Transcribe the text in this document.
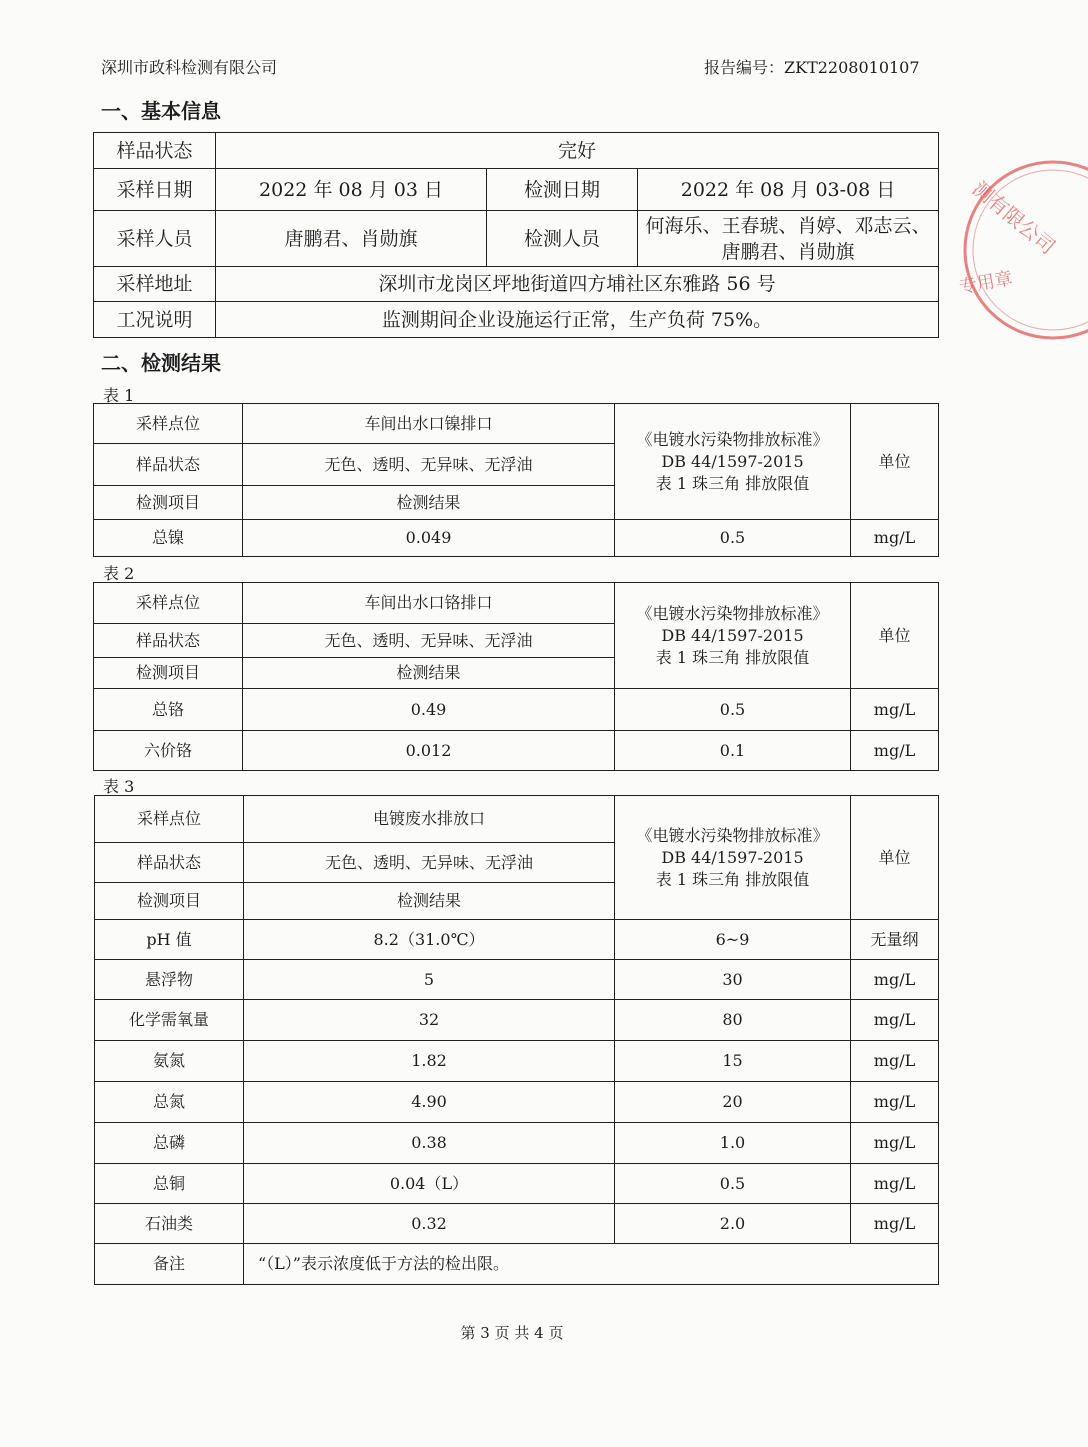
深圳市政科检测有限公司	报告编号：ZKT2208010107
一、基本信息
样品状态	完好		
采样日期	2022 年 08 月 03 日	检测日期	2022 年 08 月 03-08 日
采样人员	唐鹏君、肖勋旗	检测人员	何海乐、王春琥、肖婷、邓志云、
唐鹏君、肖勋旗

采样地址	深圳市龙岗区坪地街道四方埔社区东雅路 56 号		
工况说明	监测期间企业设施运行正常，生产负荷 75%。		
二、检测结果
表 1
采样点位	车间出水口镍排口	《电镀水污染物排放标准》
DB 44/1597-2015
表 1 珠三角 排放限值	单位
样品状态	无色、透明、无异味、无浮油		
检测项目	检测结果		
总镍	0.049	0.5	mg/L
表 2
采样点位	车间出水口铬排口	《电镀水污染物排放标准》
DB 44/1597-2015
表 1 珠三角 排放限值	单位
样品状态	无色、透明、无异味、无浮油		
检测项目	检测结果		
总铬	0.49	0.5	mg/L
六价铬	0.012	0.1	mg/L
表 3
采样点位	电镀废水排放口	《电镀水污染物排放标准》
DB 44/1597-2015
表 1 珠三角 排放限值	单位
样品状态	无色、透明、无异味、无浮油		
检测项目	检测结果		
pH 值	8.2（31.0℃）	6~9	无量纲
悬浮物	5	30	mg/L
化学需氧量	32	80	mg/L
氨氮	1.82	15	mg/L
总氮	4.90	20	mg/L
总磷	0.38	1.0	mg/L
总铜	0.04（L）	0.5	mg/L
石油类	0.32	2.0	mg/L
备注	“（L）”表示浓度低于方法的检出限。		
测有限公司
专用章
第 3 页 共 4 页
